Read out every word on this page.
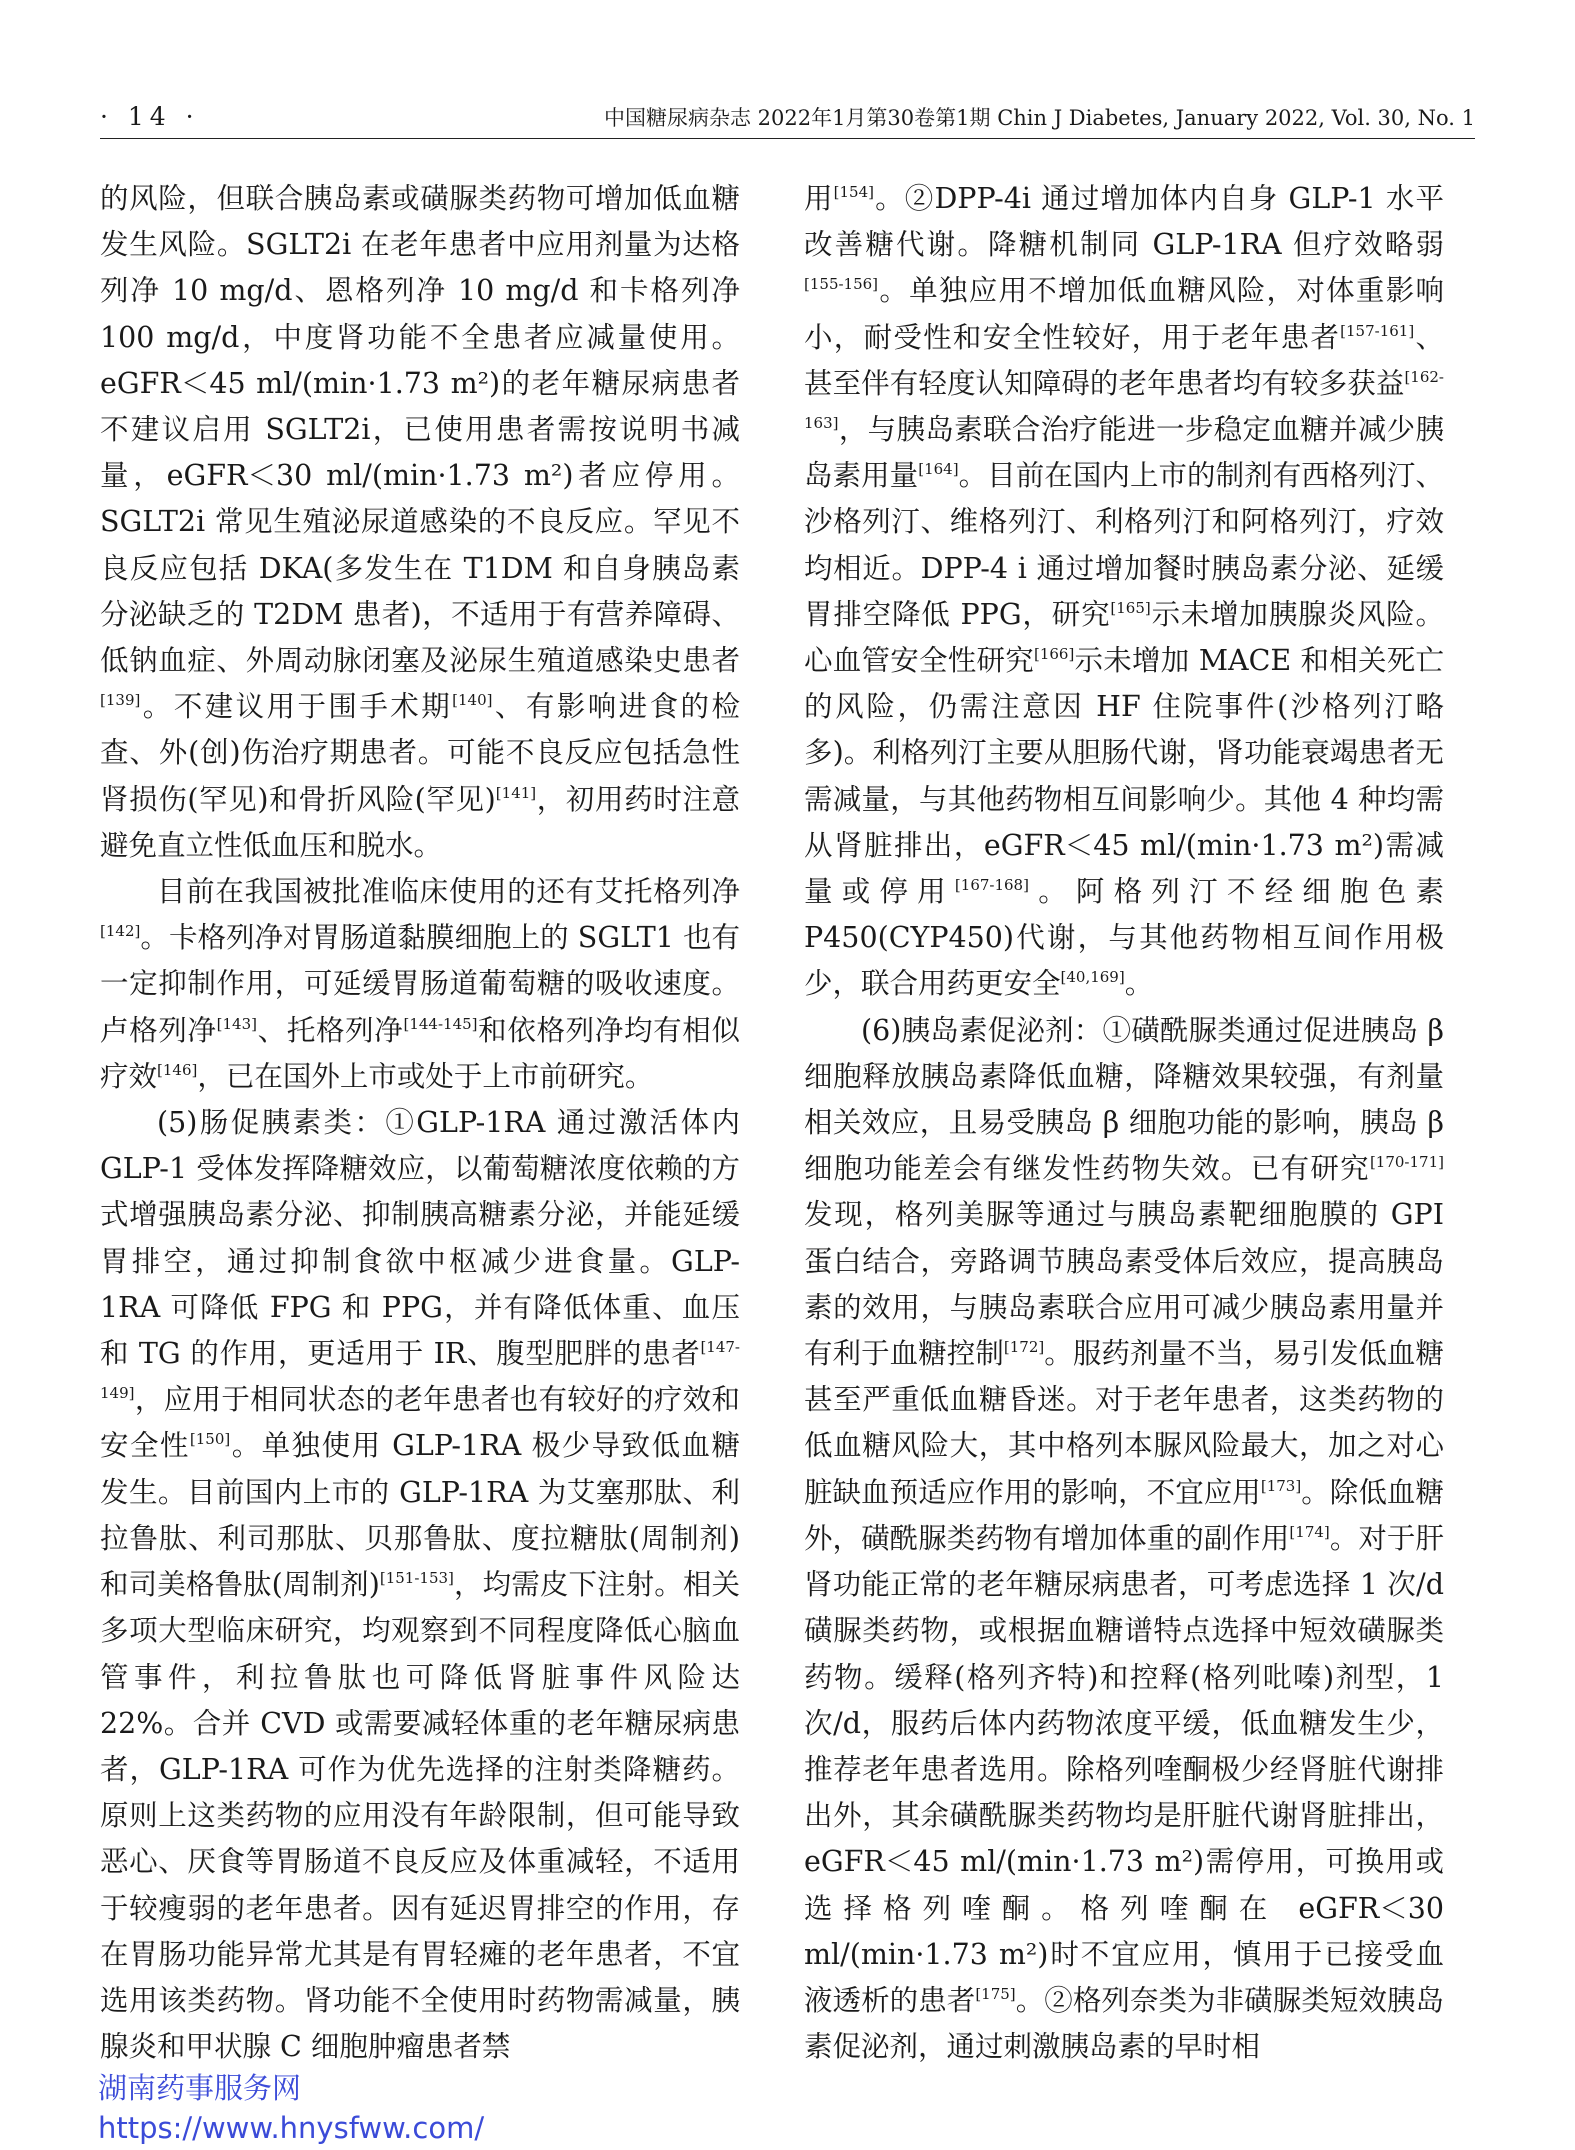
· 14 ·	中国糖尿病杂志 2022年1月第30卷第1期 Chin J Diabetes, January 2022, Vol. 30, No. 1

的风险，但联合胰岛素或磺脲类药物可增加低血糖发生风险。SGLT2i 在老年患者中应用剂量为达格列净 10 mg/d、恩格列净 10 mg/d 和卡格列净 100 mg/d，中度肾功能不全患者应减量使用。eGFR＜45 ml/(min·1.73 m²)的老年糖尿病患者不建议启用 SGLT2i，已使用患者需按说明书减量，eGFR＜30 ml/(min·1.73 m²)者应停用。SGLT2i 常见生殖泌尿道感染的不良反应。罕见不良反应包括 DKA(多发生在 T1DM 和自身胰岛素分泌缺乏的 T2DM 患者)，不适用于有营养障碍、低钠血症、外周动脉闭塞及泌尿生殖道感染史患者[139]。不建议用于围手术期[140]、有影响进食的检查、外(创)伤治疗期患者。可能不良反应包括急性肾损伤(罕见)和骨折风险(罕见)[141]，初用药时注意避免直立性低血压和脱水。

目前在我国被批准临床使用的还有艾托格列净[142]。卡格列净对胃肠道黏膜细胞上的 SGLT1 也有一定抑制作用，可延缓胃肠道葡萄糖的吸收速度。卢格列净[143]、托格列净[144-145]和依格列净均有相似疗效[146]，已在国外上市或处于上市前研究。

(5)肠促胰素类：①GLP-1RA 通过激活体内 GLP-1 受体发挥降糖效应，以葡萄糖浓度依赖的方式增强胰岛素分泌、抑制胰高糖素分泌，并能延缓胃排空，通过抑制食欲中枢减少进食量。GLP-1RA 可降低 FPG 和 PPG，并有降低体重、血压和 TG 的作用，更适用于 IR、腹型肥胖的患者[147-149]，应用于相同状态的老年患者也有较好的疗效和安全性[150]。单独使用 GLP-1RA 极少导致低血糖发生。目前国内上市的 GLP-1RA 为艾塞那肽、利拉鲁肽、利司那肽、贝那鲁肽、度拉糖肽(周制剂)和司美格鲁肽(周制剂)[151-153]，均需皮下注射。相关多项大型临床研究，均观察到不同程度降低心脑血管事件，利拉鲁肽也可降低肾脏事件风险达 22%。合并 CVD 或需要减轻体重的老年糖尿病患者，GLP-1RA 可作为优先选择的注射类降糖药。原则上这类药物的应用没有年龄限制，但可能导致恶心、厌食等胃肠道不良反应及体重减轻，不适用于较瘦弱的老年患者。因有延迟胃排空的作用，存在胃肠功能异常尤其是有胃轻瘫的老年患者，不宜选用该类药物。肾功能不全使用时药物需减量，胰腺炎和甲状腺 C 细胞肿瘤患者禁

用[154]。②DPP-4i 通过增加体内自身 GLP-1 水平改善糖代谢。降糖机制同 GLP-1RA 但疗效略弱[155-156]。单独应用不增加低血糖风险，对体重影响小，耐受性和安全性较好，用于老年患者[157-161]、甚至伴有轻度认知障碍的老年患者均有较多获益[162-163]，与胰岛素联合治疗能进一步稳定血糖并减少胰岛素用量[164]。目前在国内上市的制剂有西格列汀、沙格列汀、维格列汀、利格列汀和阿格列汀，疗效均相近。DPP-4 i 通过增加餐时胰岛素分泌、延缓胃排空降低 PPG，研究[165]示未增加胰腺炎风险。心血管安全性研究[166]示未增加 MACE 和相关死亡的风险，仍需注意因 HF 住院事件(沙格列汀略多)。利格列汀主要从胆肠代谢，肾功能衰竭患者无需减量，与其他药物相互间影响少。其他 4 种均需从肾脏排出，eGFR＜45 ml/(min·1.73 m²)需减量或停用[167-168]。阿格列汀不经细胞色素 P450(CYP450)代谢，与其他药物相互间作用极少，联合用药更安全[40,169]。

(6)胰岛素促泌剂：①磺酰脲类通过促进胰岛 β 细胞释放胰岛素降低血糖，降糖效果较强，有剂量相关效应，且易受胰岛 β 细胞功能的影响，胰岛 β 细胞功能差会有继发性药物失效。已有研究[170-171]发现，格列美脲等通过与胰岛素靶细胞膜的 GPI 蛋白结合，旁路调节胰岛素受体后效应，提高胰岛素的效用，与胰岛素联合应用可减少胰岛素用量并有利于血糖控制[172]。服药剂量不当，易引发低血糖甚至严重低血糖昏迷。对于老年患者，这类药物的低血糖风险大，其中格列本脲风险最大，加之对心脏缺血预适应作用的影响，不宜应用[173]。除低血糖外，磺酰脲类药物有增加体重的副作用[174]。对于肝肾功能正常的老年糖尿病患者，可考虑选择 1 次/d 磺脲类药物，或根据血糖谱特点选择中短效磺脲类药物。缓释(格列齐特)和控释(格列吡嗪)剂型，1 次/d，服药后体内药物浓度平缓，低血糖发生少，推荐老年患者选用。除格列喹酮极少经肾脏代谢排出外，其余磺酰脲类药物均是肝脏代谢肾脏排出，eGFR＜45 ml/(min·1.73 m²)需停用，可换用或选择格列喹酮。格列喹酮在 eGFR＜30 ml/(min·1.73 m²)时不宜应用，慎用于已接受血液透析的患者[175]。②格列奈类为非磺脲类短效胰岛素促泌剂，通过刺激胰岛素的早时相

湖南药事服务网
https://www.hnysfww.com/
